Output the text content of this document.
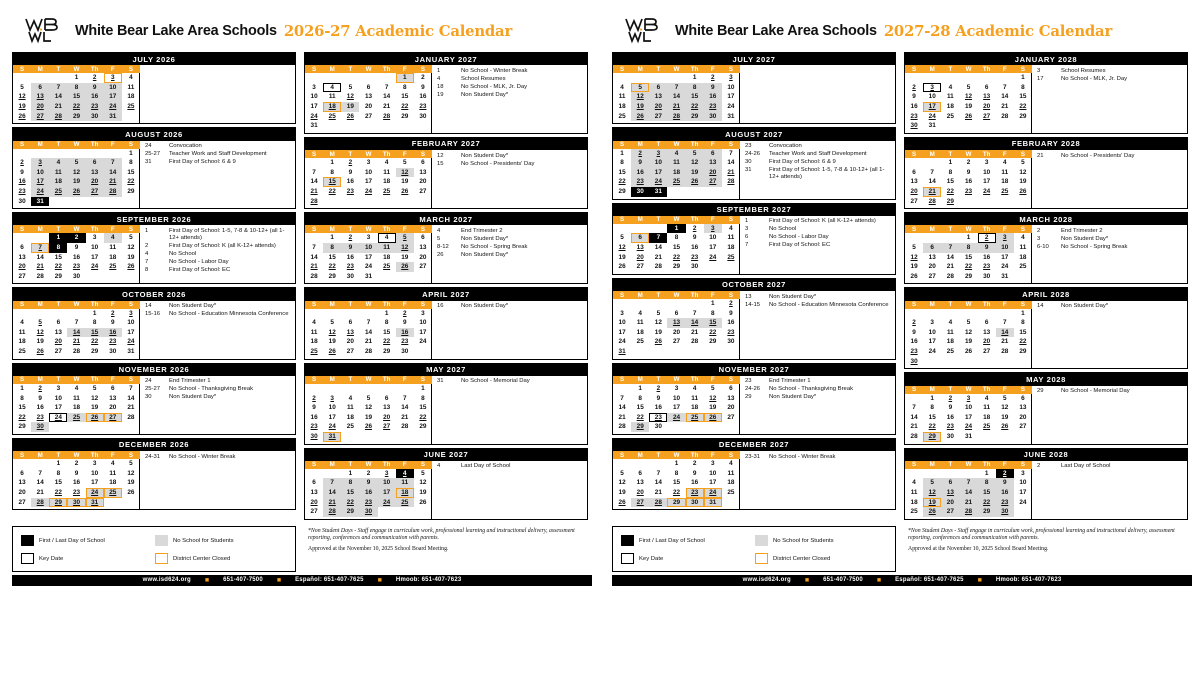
● White Bear Lake Area Schools 2026-27 Academic Calendar
JULY 2026
S	M	T	W	Th	F	S

			1	2	3	4

5	6	7	8	9	10	11

12	13	14	15	16	17	18

19	20	21	22	23	24	25

26	27	28	29	30	31	

AUGUST 2026
S	M	T	W	Th	F	S

						1

2	3	4	5	6	7	8

9	10	11	12	13	14	15

16	17	18	19	20	21	22

23	24	25	26	27	28	29

30	31					

24	Convocation
25-27	Teacher Work and Staff Development
31	First Day of School: 6 & 9
SEPTEMBER 2026
S	M	T	W	Th	F	S

		1	2	3	4	5

6	7	8	9	10	11	12

13	14	15	16	17	18	19

20	21	22	23	24	25	26

27	28	29	30			

1	First Day of School: 1-5, 7-8 & 10-12+ (all 1-12+ attends)
2	First Day of School: K (all K-12+ attends)
4	No School
7	No School - Labor Day
8	First Day of School: EC
OCTOBER 2026
S	M	T	W	Th	F	S

				1	2	3

4	5	6	7	8	9	10

11	12	13	14	15	16	17

18	19	20	21	22	23	24

25	26	27	28	29	30	31
14	Non Student Day*
15-16	No School - Education Minnesota Conference
NOVEMBER 2026
S	M	T	W	Th	F	S

1	2	3	4	5	6	7

8	9	10	11	12	13	14

15	16	17	18	19	20	21

22	23	24	25	26	27	28

29	30					

24	End Trimester 1
25-27	No School - Thanksgiving Break
30	Non Student Day*
DECEMBER 2026
S	M	T	W	Th	F	S

		1	2	3	4	5

6	7	8	9	10	11	12

13	14	15	16	17	18	19

20	21	22	23	24	25	26

27	28	29	30	31		

24-31	No School - Winter Break
JANUARY 2027
S	M	T	W	Th	F	S

					1	2

3	4	5	6	7	8	9

10	11	12	13	14	15	16

17	18	19	20	21	22	23

24	25	26	27	28	29	30

31						

1	No School - Winter Break
4	School Resumes
18	No School - MLK, Jr. Day
19	Non Student Day*
FEBRUARY 2027
S	M	T	W	Th	F	S

	1	2	3	4	5	6

7	8	9	10	11	12	13

14	15	16	17	18	19	20

21	22	23	24	25	26	27

28						

12	Non Student Day*
15	No School - Presidents' Day
MARCH 2027
S	M	T	W	Th	F	S

	1	2	3	4	5	6

7	8	9	10	11	12	13

14	15	16	17	18	19	20

21	22	23	24	25	26	27

28	29	30	31			

4	End Trimester 2
5	Non Student Day*
8-12	No School - Spring Break
26	Non Student Day*
APRIL 2027
S	M	T	W	Th	F	S

				1	2	3

4	5	6	7	8	9	10

11	12	13	14	15	16	17

18	19	20	21	22	23	24

25	26	27	28	29	30	

16	Non Student Day*
MAY 2027
S	M	T	W	Th	F	S

						1

2	3	4	5	6	7	8

9	10	11	12	13	14	15

16	17	18	19	20	21	22

23	24	25	26	27	28	29

30	31					

31	No School - Memorial Day
JUNE 2027
S	M	T	W	Th	F	S

		1	2	3	4	5

6	7	8	9	10	11	12

13	14	15	16	17	18	19

20	21	22	23	24	25	26

27	28	29	30			

4	Last Day of School
First / Last Day of School	No School for Students
Key Date	District Center Closed
*Non Student Days - Staff engage in curriculum work, professional learning and instructional delivery, assessment reporting, conferences and communication with parents.
Approved at the November 10, 2025 School Board Meeting.
www.isd624.org ■ 651-407-7500 ■ Español: 651-407-7625 ■ Hmoob: 651-407-7623
● White Bear Lake Area Schools 2027-28 Academic Calendar
JULY 2027
S	M	T	W	Th	F	S

				1	2	3

4	5	6	7	8	9	10

11	12	13	14	15	16	17

18	19	20	21	22	23	24

25	26	27	28	29	30	31
AUGUST 2027
S	M	T	W	Th	F	S

1	2	3	4	5	6	7

8	9	10	11	12	13	14

15	16	17	18	19	20	21

22	23	24	25	26	27	28

29	30	31				

23	Convocation
24-26	Teacher Work and Staff Development
30	First Day of School: 6 & 9
31	First Day of School: 1-5, 7-8 & 10-12+ (all 1-12+ attends)
SEPTEMBER 2027
S	M	T	W	Th	F	S

			1	2	3	4

5	6	7	8	9	10	11

12	13	14	15	16	17	18

19	20	21	22	23	24	25

26	27	28	29	30		

1	First Day of School: K (all K-12+ attends)
3	No School
6	No School - Labor Day
7	First Day of School: EC
OCTOBER 2027
S	M	T	W	Th	F	S

					1	2

3	4	5	6	7	8	9

10	11	12	13	14	15	16

17	18	19	20	21	22	23

24	25	26	27	28	29	30

31						

13	Non Student Day*
14-15	No School - Education Minnesota Conference
NOVEMBER 2027
S	M	T	W	Th	F	S

	1	2	3	4	5	6

7	8	9	10	11	12	13

14	15	16	17	18	19	20

21	22	23	24	25	26	27

28	29	30				

23	End Trimester 1
24-26	No School - Thanksgiving Break
29	Non Student Day*
DECEMBER 2027
S	M	T	W	Th	F	S

			1	2	3	4

5	6	7	8	9	10	11

12	13	14	15	16	17	18

19	20	21	22	23	24	25

26	27	28	29	30	31	

23-31	No School - Winter Break
JANUARY 2028
S	M	T	W	Th	F	S

						1

2	3	4	5	6	7	8

9	10	11	12	13	14	15

16	17	18	19	20	21	22

23	24	25	26	27	28	29

30	31					

3	School Resumes
17	No School - MLK, Jr. Day
FEBRUARY 2028
S	M	T	W	Th	F	S

		1	2	3	4	5

6	7	8	9	10	11	12

13	14	15	16	17	18	19

20	21	22	23	24	25	26

27	28	29				

21	No School - Presidents' Day
MARCH 2028
S	M	T	W	Th	F	S

			1	2	3	4

5	6	7	8	9	10	11

12	13	14	15	16	17	18

19	20	21	22	23	24	25

26	27	28	29	30	31	

2	End Trimester 2
3	Non Student Day*
6-10	No School - Spring Break
APRIL 2028
S	M	T	W	Th	F	S

						1

2	3	4	5	6	7	8

9	10	11	12	13	14	15

16	17	18	19	20	21	22

23	24	25	26	27	28	29

30						

14	Non Student Day*
MAY 2028
S	M	T	W	Th	F	S

	1	2	3	4	5	6

7	8	9	10	11	12	13

14	15	16	17	18	19	20

21	22	23	24	25	26	27

28	29	30	31			

29	No School - Memorial Day
JUNE 2028
S	M	T	W	Th	F	S

				1	2	3

4	5	6	7	8	9	10

11	12	13	14	15	16	17

18	19	20	21	22	23	24

25	26	27	28	29	30	

2	Last Day of School
First / Last Day of School	No School for Students
Key Date	District Center Closed
*Non Student Days - Staff engage in curriculum work, professional learning and instructional delivery, assessment reporting, conferences and communication with parents.
Approved at the November 10, 2025 School Board Meeting.
www.isd624.org ■ 651-407-7500 ■ Español: 651-407-7625 ■ Hmoob: 651-407-7623
